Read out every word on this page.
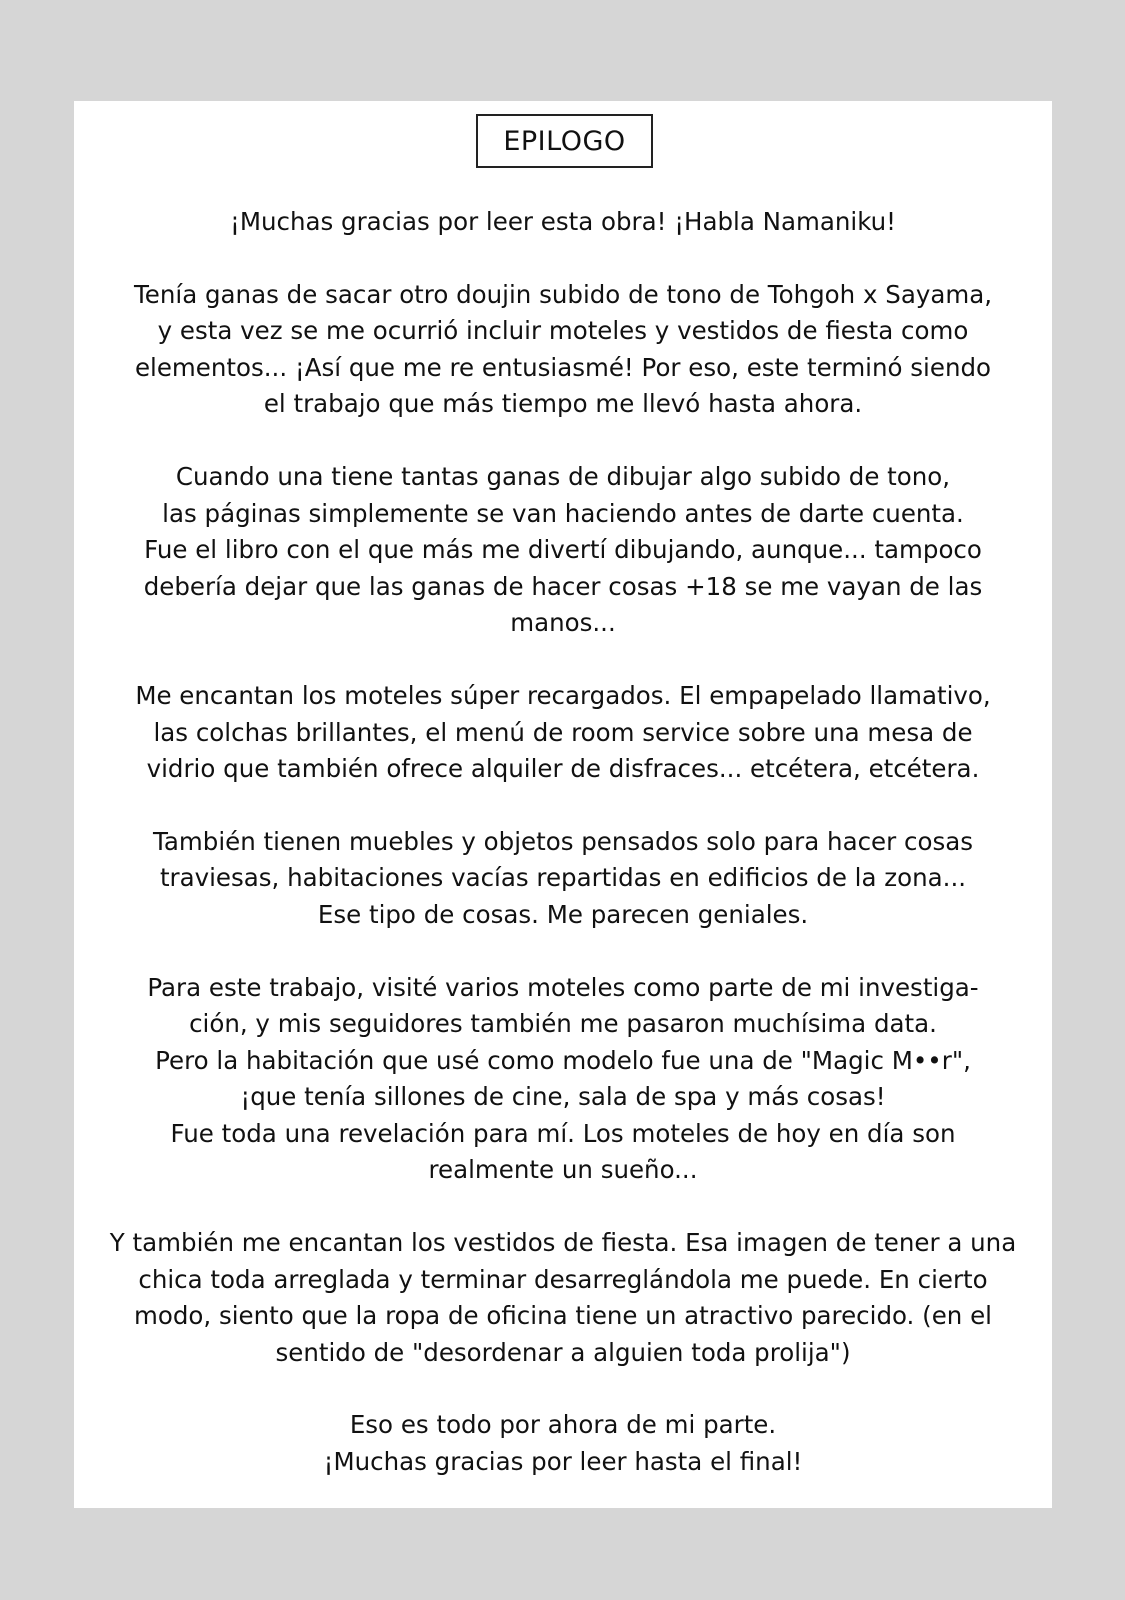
EPILOGO
¡Muchas gracias por leer esta obra! ¡Habla Namaniku!
Tenía ganas de sacar otro doujin subido de tono de Tohgoh x Sayama,
y esta vez se me ocurrió incluir moteles y vestidos de fiesta como
elementos... ¡Así que me re entusiasmé! Por eso, este terminó siendo
el trabajo que más tiempo me llevó hasta ahora.
Cuando una tiene tantas ganas de dibujar algo subido de tono,
las páginas simplemente se van haciendo antes de darte cuenta.
Fue el libro con el que más me divertí dibujando, aunque... tampoco
debería dejar que las ganas de hacer cosas +18 se me vayan de las
manos...
Me encantan los moteles súper recargados. El empapelado llamativo,
las colchas brillantes, el menú de room service sobre una mesa de
vidrio que también ofrece alquiler de disfraces... etcétera, etcétera.
También tienen muebles y objetos pensados solo para hacer cosas
traviesas, habitaciones vacías repartidas en edificios de la zona...
Ese tipo de cosas. Me parecen geniales.
Para este trabajo, visité varios moteles como parte de mi investiga-
ción, y mis seguidores también me pasaron muchísima data.
Pero la habitación que usé como modelo fue una de "Magic M••r",
¡que tenía sillones de cine, sala de spa y más cosas!
Fue toda una revelación para mí. Los moteles de hoy en día son
realmente un sueño...
Y también me encantan los vestidos de fiesta. Esa imagen de tener a una
chica toda arreglada y terminar desarreglándola me puede. En cierto
modo, siento que la ropa de oficina tiene un atractivo parecido. (en el
sentido de "desordenar a alguien toda prolija")
Eso es todo por ahora de mi parte.
¡Muchas gracias por leer hasta el final!
